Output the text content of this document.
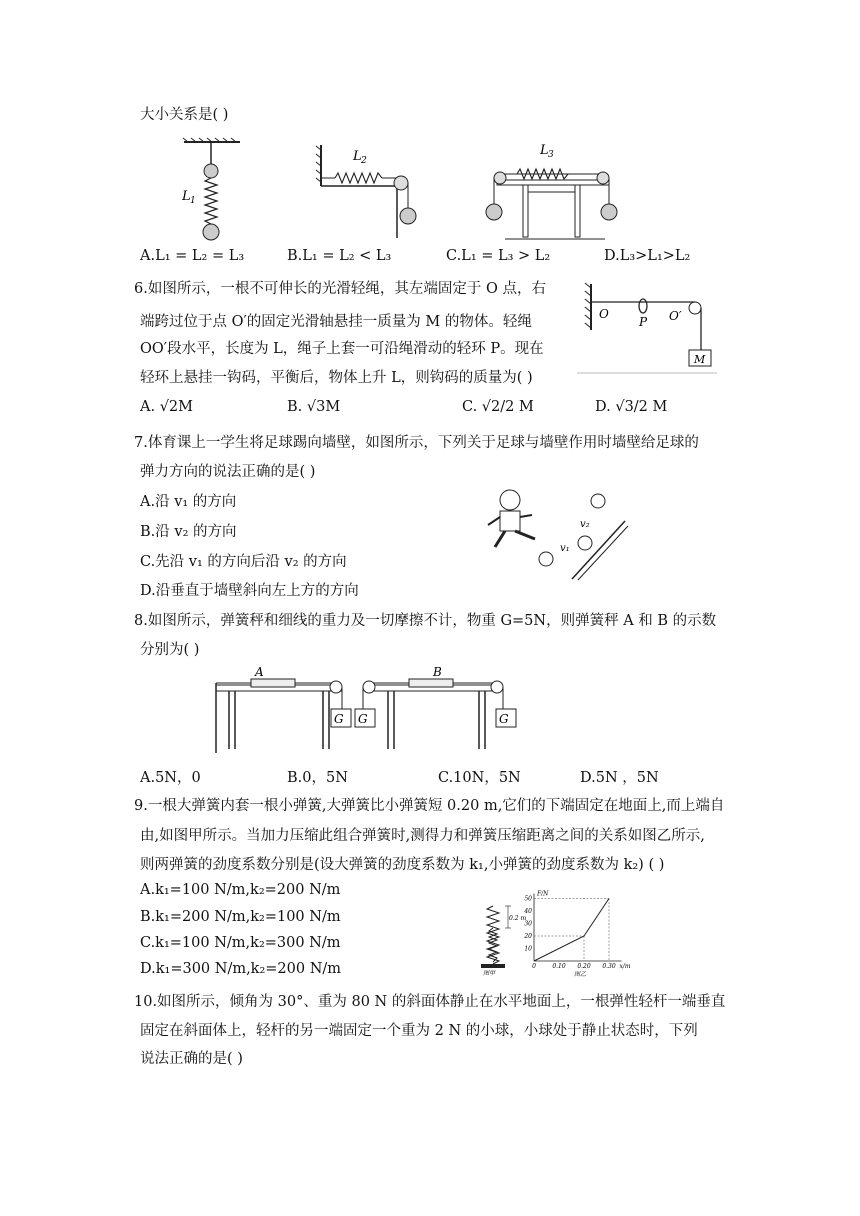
大小关系是( )
L 1
L 2
L 3
A.L₁ = L₂ = L₃	B.L₁ = L₂ < L₃	C.L₁ = L₃ > L₂	D.L₃>L₁>L₂
6.如图所示，一根不可伸长的光滑轻绳，其左端固定于 O 点，右
端跨过位于点 O′的固定光滑轴悬挂一质量为 M 的物体。轻绳
OO′段水平，长度为 L，绳子上套一可沿绳滑动的轻环 P。现在
轻环上悬挂一钩码，平衡后，物体上升 L，则钩码的质量为( )
O
P O′
M
A. √2M	B. √3M	C. √2/2 M	D. √3/2 M
7.体育课上一学生将足球踢向墙壁，如图所示，下列关于足球与墙壁作用时墙壁给足球的
弹力方向的说法正确的是( )
A.沿 v₁ 的方向
B.沿 v₂ 的方向
C.先沿 v₁ 的方向后沿 v₂ 的方向
D.沿垂直于墙壁斜向左上方的方向
v₁
v₂
8.如图所示，弹簧秤和细线的重力及一切摩擦不计，物重 G=5N，则弹簧秤 A 和 B 的示数
分别为( )
G
A
G	G
B
A.5N，0	B.0，5N	C.10N，5N	D.5N ，5N
9.一根大弹簧内套一根小弹簧,大弹簧比小弹簧短 0.20 m,它们的下端固定在地面上,而上端自
由,如图甲所示。当加力压缩此组合弹簧时,测得力和弹簧压缩距离之间的关系如图乙所示,
则两弹簧的劲度系数分别是(设大弹簧的劲度系数为 k₁,小弹簧的劲度系数为 k₂) ( )
A.k₁=100 N/m,k₂=200 N/m
B.k₁=200 N/m,k₂=100 N/m
C.k₁=100 N/m,k₂=300 N/m
D.k₁=300 N/m,k₂=200 N/m
0.2 m
图甲
10
20
30
40
50
0	0.10 0.20 0.30
F/N
x/m
图乙
10.如图所示，倾角为 30°、重为 80 N 的斜面体静止在水平地面上，一根弹性轻杆一端垂直
固定在斜面体上，轻杆的另一端固定一个重为 2 N 的小球，小球处于静止状态时，下列
说法正确的是( )
